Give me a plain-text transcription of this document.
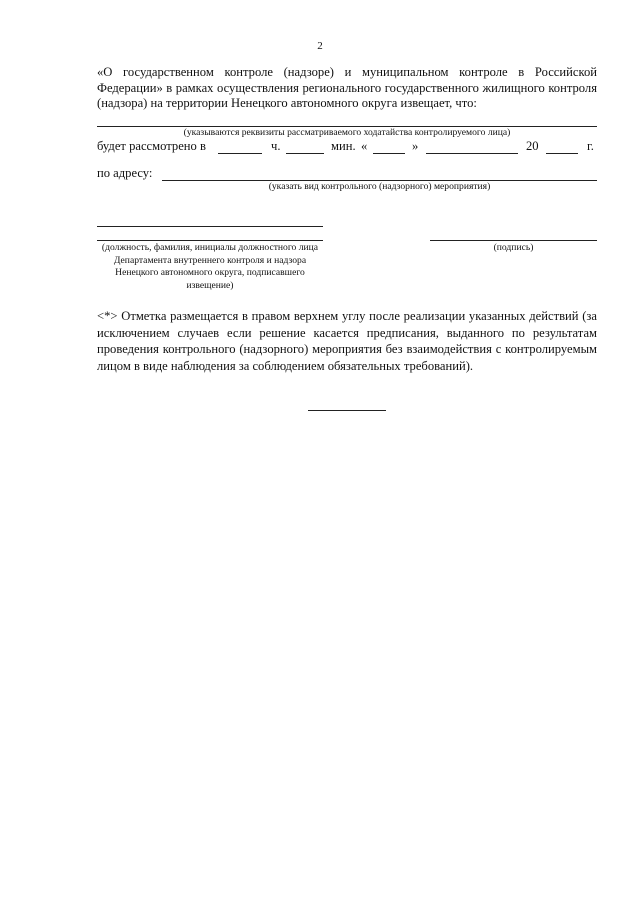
2
«О государственном контроле (надзоре) и муниципальном контроле в Российской Федерации» в рамках осуществления регионального государственного жилищного контроля (надзора) на территории Ненецкого автономного округа извещает, что:
(указываются реквизиты рассматриваемого ходатайства контролируемого лица)
будет рассмотрено в	ч.	мин. «	»	20	г.
по адресу:
(указать вид контрольного (надзорного) мероприятия)
(должность, фамилия, инициалы должностного лица Департамента внутреннего контроля и надзора Ненецкого автономного округа, подписавшего извещение)
(подпись)
<*> Отметка размещается в правом верхнем углу после реализации указанных действий (за исключением случаев если решение касается предписания, выданного по результатам проведения контрольного (надзорного) мероприятия без взаимодействия с контролируемым лицом в виде наблюдения за соблюдением обязательных требований).
